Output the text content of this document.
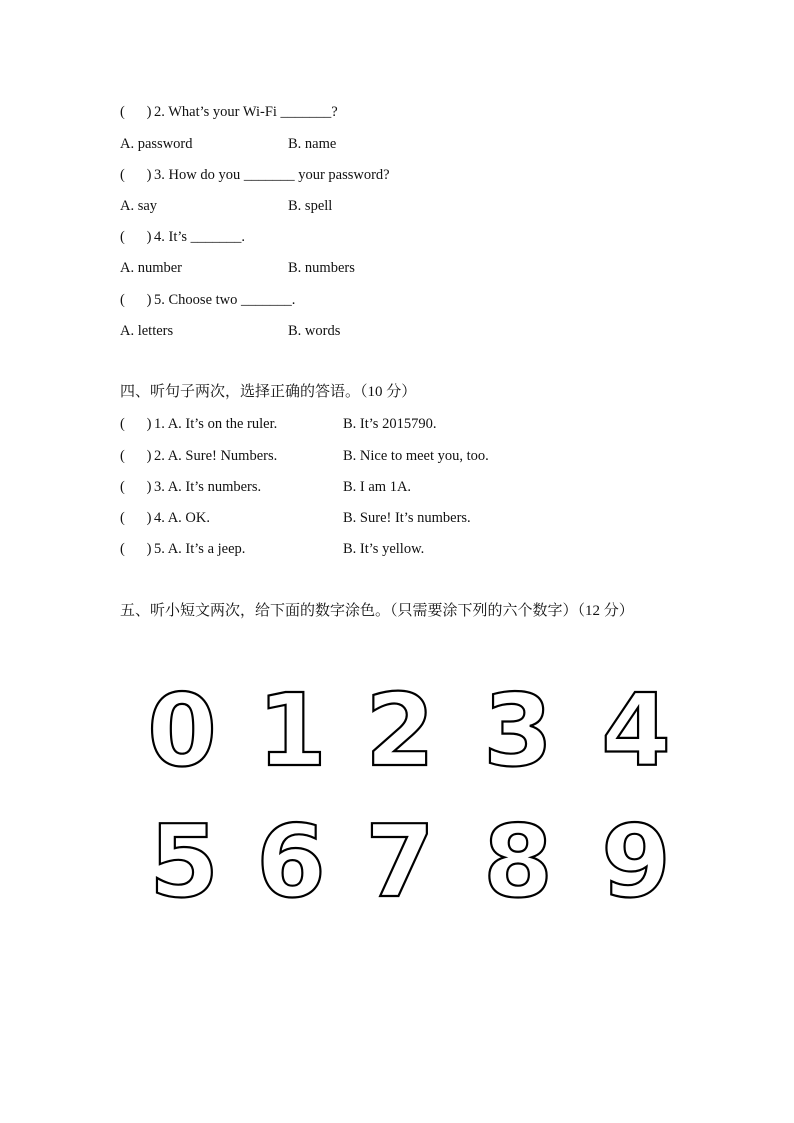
(      ) 2. What’s your Wi-Fi _______?
A. password	B. name
(      ) 3. How do you _______ your password?
A. say	B. spell
(      ) 4. It’s _______.
A. number	B. numbers
(      ) 5. Choose two _______.
A. letters	B. words
四、听句子两次，选择正确的答语。（10 分）
(      ) 1. A. It’s on the ruler.	B. It’s 2015790.
(      ) 2. A. Sure! Numbers.	B. Nice to meet you, too.
(      ) 3. A. It’s numbers.	B. I am 1A.
(      ) 4. A. OK.	B. Sure! It’s numbers.
(      ) 5. A. It’s a jeep.	B. It’s yellow.
五、听小短文两次，给下面的数字涂色。（只需要涂下列的六个数字）（12 分）
0 1 2 3 4
5 6 7 8 9
